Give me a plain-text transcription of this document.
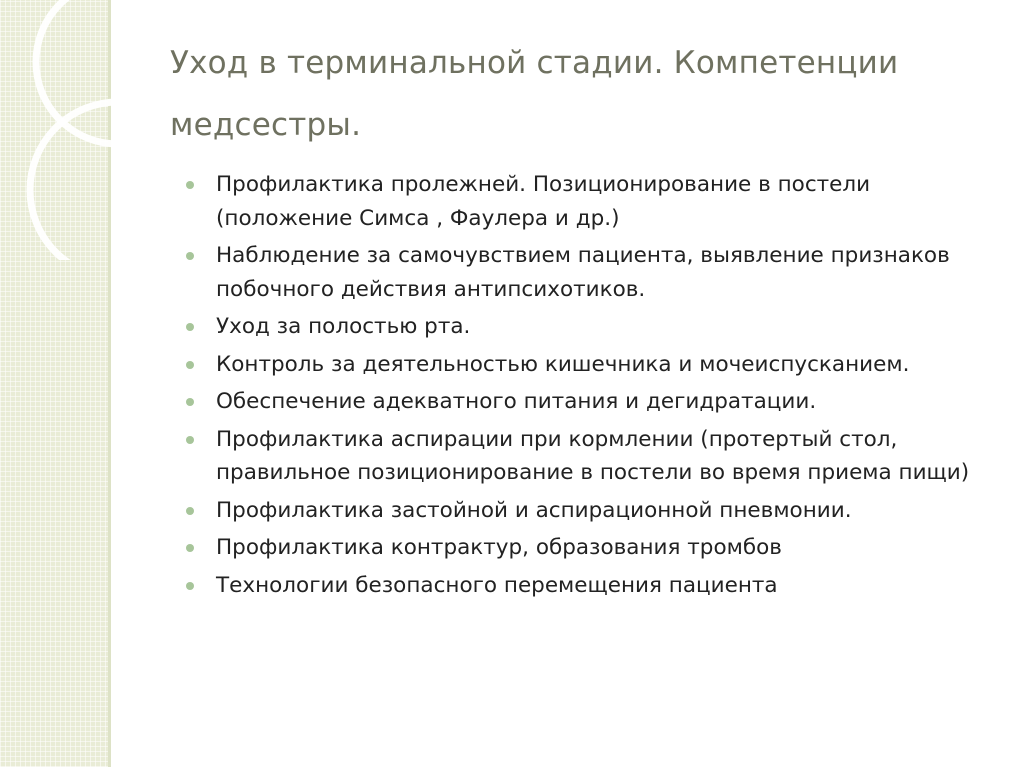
Уход в терминальной стадии. Компетенции медсестры.
Профилактика пролежней. Позиционирование в постели (положение Симса , Фаулера и др.)
Наблюдение за самочувствием пациента, выявление признаков побочного действия антипсихотиков.
Уход за полостью рта.
Контроль за деятельностью кишечника и мочеиспусканием.
Обеспечение адекватного питания и дегидратации.
Профилактика аспирации при кормлении (протертый стол, правильное позиционирование в постели во время приема пищи)
Профилактика застойной и аспирационной пневмонии.
Профилактика контрактур, образования тромбов
Технологии безопасного перемещения пациента
